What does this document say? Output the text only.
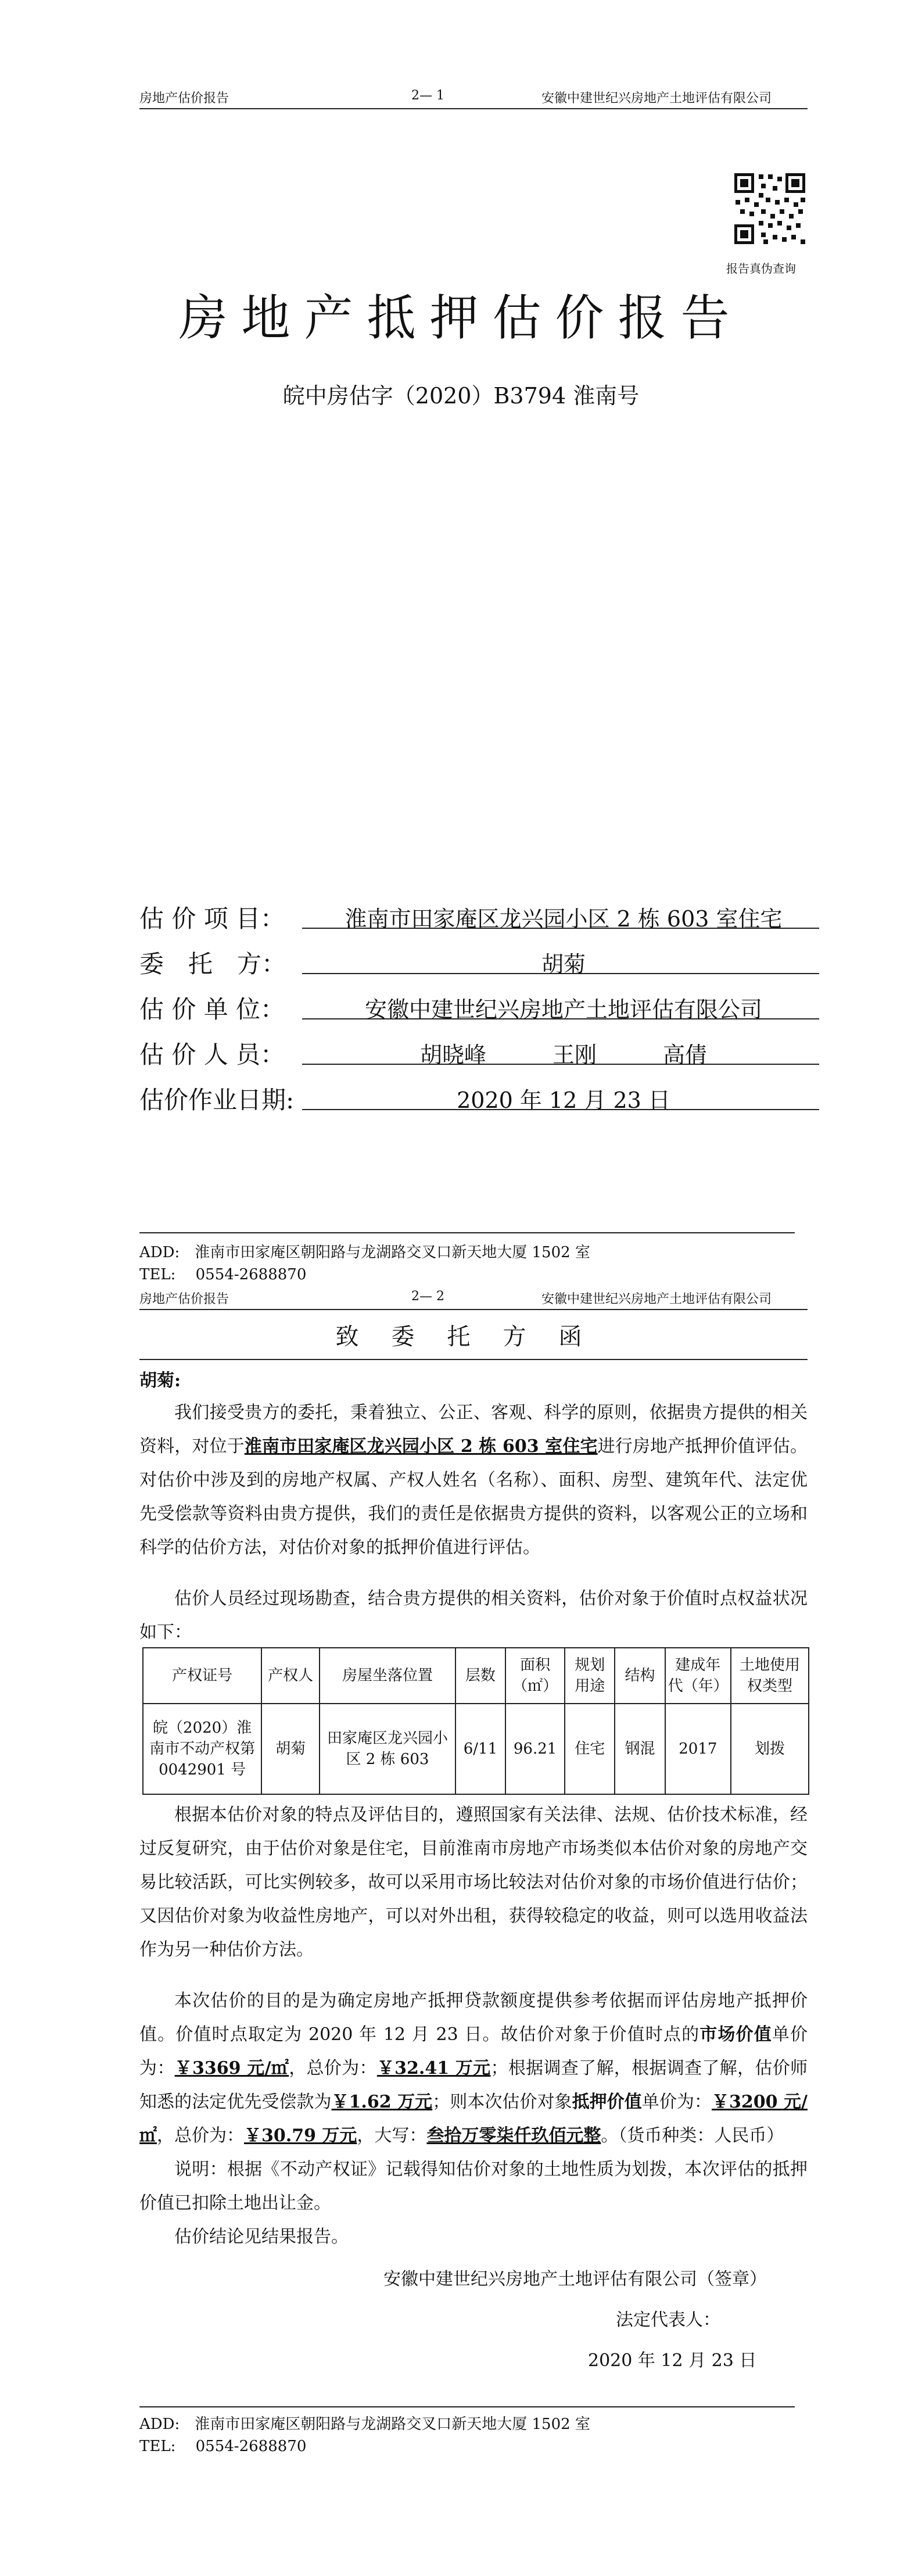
房地产估价报告	2— 1	安徽中建世纪兴房地产土地评估有限公司
报告真伪查询
房地产抵押估价报告
皖中房估字（2020）B3794 淮南号
估 价 项 目：	淮南市田家庵区龙兴园小区 2 栋 603 室住宅
委　托　方：	胡菊
估 价 单 位：	安徽中建世纪兴房地产土地评估有限公司
估 价 人 员：	胡晓峰　　　王刚　　　高倩
估价作业日期:	2020 年 12 月 23 日
ADD:　淮南市田家庵区朝阳路与龙湖路交叉口新天地大厦 1502 室
TEL:　 0554-2688870
房地产估价报告	2— 2	安徽中建世纪兴房地产土地评估有限公司
致　委　托　方　函
胡菊:
我们接受贵方的委托，秉着独立、公正、客观、科学的原则，依据贵方提供的相关资料，对位于淮南市田家庵区龙兴园小区 2 栋 603 室住宅进行房地产抵押价值评估。对估价中涉及到的房地产权属、产权人姓名（名称）、面积、房型、建筑年代、法定优先受偿款等资料由贵方提供，我们的责任是依据贵方提供的资料，以客观公正的立场和科学的估价方法，对估价对象的抵押价值进行评估。
估价人员经过现场勘查，结合贵方提供的相关资料，估价对象于价值时点权益状况如下：
产权证号	产权人	房屋坐落位置	层数	面积（㎡）	规划用途	结构	建成年代（年）	土地使用权类型
皖（2020）淮南市不动产权第 0042901 号	胡菊	田家庵区龙兴园小区 2 栋 603	6/11	96.21	住宅	钢混	2017	划拨
根据本估价对象的特点及评估目的，遵照国家有关法律、法规、估价技术标准，经过反复研究，由于估价对象是住宅，目前淮南市房地产市场类似本估价对象的房地产交易比较活跃，可比实例较多，故可以采用市场比较法对估价对象的市场价值进行估价；又因估价对象为收益性房地产，可以对外出租，获得较稳定的收益，则可以选用收益法作为另一种估价方法。
本次估价的目的是为确定房地产抵押贷款额度提供参考依据而评估房地产抵押价值。价值时点取定为 2020 年 12 月 23 日。故估价对象于价值时点的市场价值单价为：￥3369 元/㎡，总价为：￥32.41 万元；根据调查了解，根据调查了解，估价师知悉的法定优先受偿款为￥1.62 万元；则本次估价对象抵押价值单价为：￥3200 元/㎡，总价为：￥30.79 万元，大写：叁拾万零柒仟玖佰元整。（货币种类：人民币）
说明：根据《不动产权证》记载得知估价对象的土地性质为划拨，本次评估的抵押价值已扣除土地出让金。
估价结论见结果报告。
安徽中建世纪兴房地产土地评估有限公司（签章）
法定代表人：
2020 年 12 月 23 日
ADD:　淮南市田家庵区朝阳路与龙湖路交叉口新天地大厦 1502 室
TEL:　 0554-2688870
